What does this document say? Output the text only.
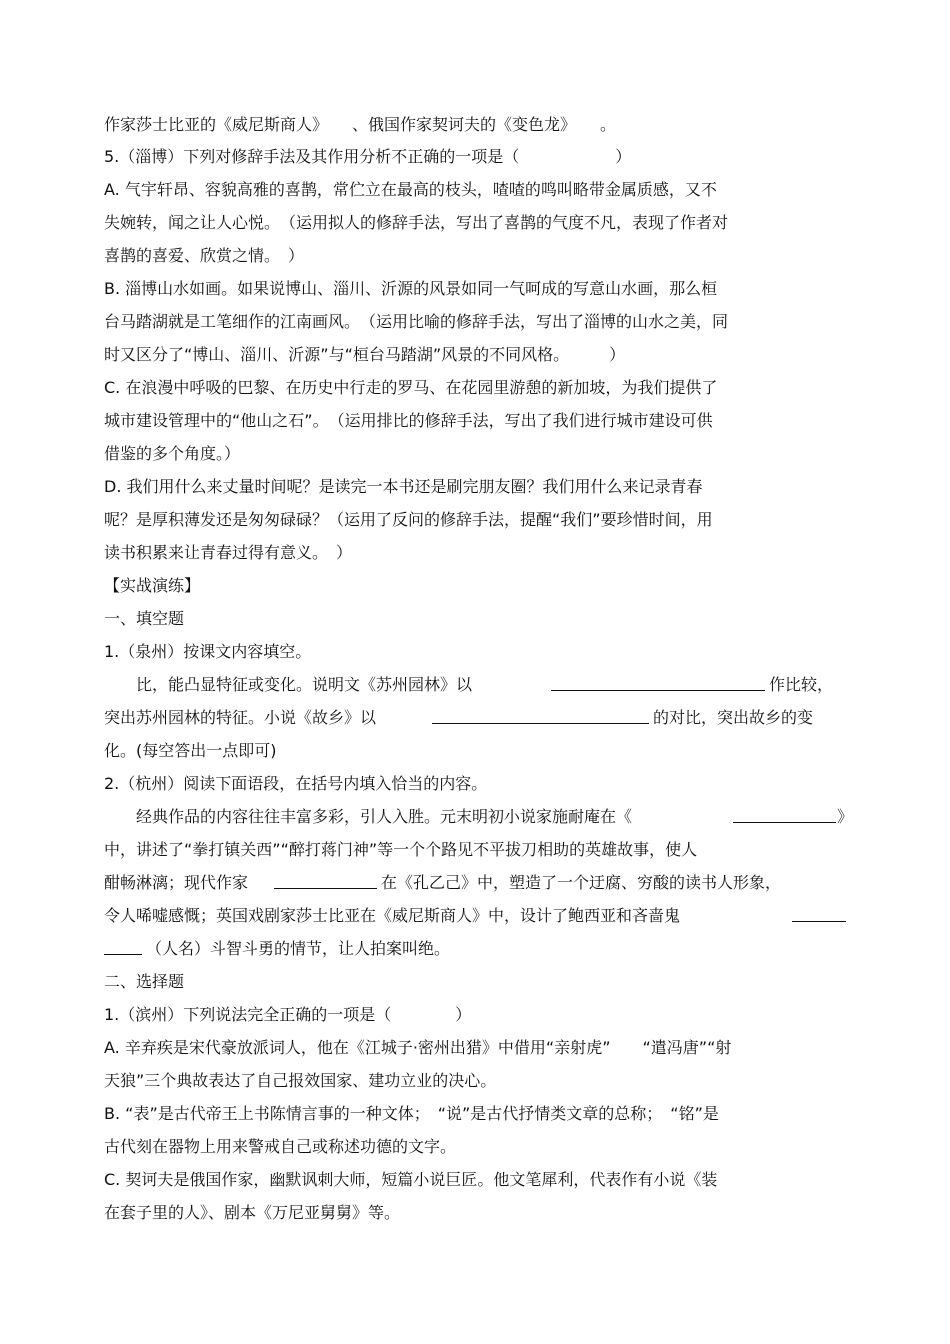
作家莎士比亚的《威尼斯商人》　　、俄国作家契诃夫的《变色龙》　　。
5.（淄博）下列对修辞手法及其作用分析不正确的一项是（　　　　　　）
A. 气宇轩昂、容貌高雅的喜鹊，常伫立在最高的枝头，喳喳的鸣叫略带金属质感，又不
失婉转，闻之让人心悦。　（运用拟人的修辞手法，写出了喜鹊的气度不凡，表现了作者对
喜鹊的喜爱、欣赏之情。　）
B. 淄博山水如画。如果说博山、淄川、沂源的风景如同一气呵成的写意山水画，那么桓
台马踏湖就是工笔细作的江南画风。　（运用比喻的修辞手法，写出了淄博的山水之美，同
时又区分了“博山、淄川、沂源”与“桓台马踏湖”风景的不同风格。　　　）
C. 在浪漫中呼吸的巴黎、在历史中行走的罗马、在花园里游憩的新加坡，为我们提供了
城市建设管理中的“他山之石”。　（运用排比的修辞手法，写出了我们进行城市建设可供
借鉴的多个角度。）
D. 我们用什么来丈量时间呢？是读完一本书还是刷完朋友圈？我们用什么来记录青春
呢？是厚积薄发还是匆匆碌碌？（运用了反问的修辞手法，提醒“我们”要珍惜时间，用
读书积累来让青春过得有意义。　）
【实战演练】
一、填空题
1.（泉州）按课文内容填空。
　　比，能凸显特征或变化。说明文《苏州园林》以	作比较，
突出苏州园林的特征。小说《故乡》以	的对比，突出故乡的变
化。(每空答出一点即可)
2.（杭州）阅读下面语段，在括号内填入恰当的内容。
　　经典作品的内容往往丰富多彩，引人入胜。元末明初小说家施耐庵在《	》
中，讲述了“拳打镇关西”“醉打蒋门神”等一个个路见不平拔刀相助的英雄故事，使人
酣畅淋漓；现代作家	在《孔乙己》中，塑造了一个迂腐、穷酸的读书人形象，
令人唏嘘感慨；英国戏剧家莎士比亚在《威尼斯商人》中，设计了鲍西亚和吝啬鬼
（人名）斗智斗勇的情节，让人拍案叫绝。
二、选择题
1.（滨州）下列说法完全正确的一项是（　　　　）
A. 辛弃疾是宋代豪放派词人，他在《江城子·密州出猎》中借用“亲射虎”　　“遣冯唐”“射
天狼”三个典故表达了自己报效国家、建功立业的决心。
B. “表”是古代帝王上书陈情言事的一种文体；　“说”是古代抒情类文章的总称；　“铭”是
古代刻在器物上用来警戒自己或称述功德的文字。
C. 契诃夫是俄国作家，幽默讽刺大师，短篇小说巨匠。他文笔犀利，代表作有小说《装
在套子里的人》、剧本《万尼亚舅舅》等。
